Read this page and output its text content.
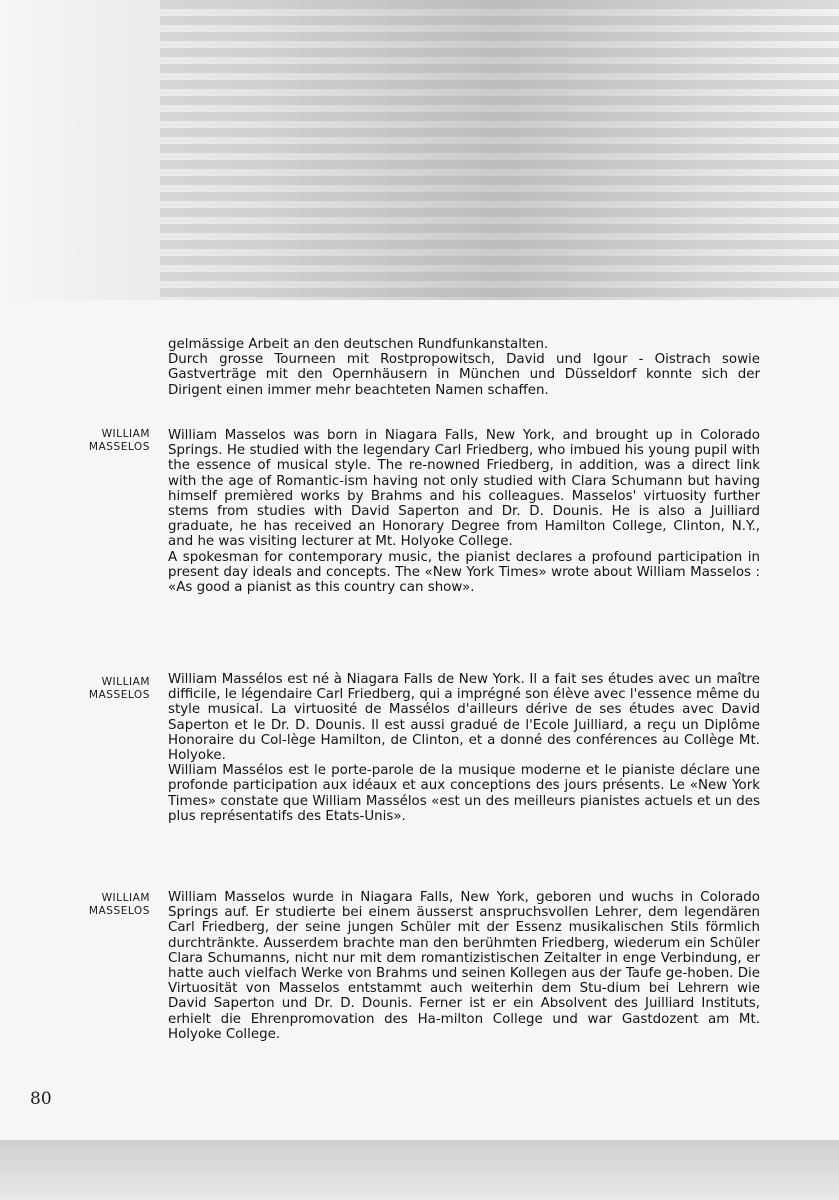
gelmässige Arbeit an den deutschen Rundfunkanstalten.
Durch grosse Tourneen mit Rostpropowitsch, David und Igour - Oistrach sowie Gastverträge mit den Opernhäusern in München und Düsseldorf konnte sich der Dirigent einen immer mehr beachteten Namen schaffen.
WILLIAM
MASSELOS
William Masselos was born in Niagara Falls, New York, and brought up in Colorado Springs. He studied with the legendary Carl Friedberg, who imbued his young pupil with the essence of musical style. The re-nowned Friedberg, in addition, was a direct link with the age of Romantic-ism having not only studied with Clara Schumann but having himself premièred works by Brahms and his colleagues. Masselos' virtuosity further stems from studies with David Saperton and Dr. D. Dounis. He is also a Juilliard graduate, he has received an Honorary Degree from Hamilton College, Clinton, N.Y., and he was visiting lecturer at Mt. Holyoke College.
A spokesman for contemporary music, the pianist declares a profound participation in present day ideals and concepts. The «New York Times» wrote about William Masselos : «As good a pianist as this country can show».
WILLIAM
MASSELOS
William Massélos est né à Niagara Falls de New York. Il a fait ses études avec un maître difficile, le légendaire Carl Friedberg, qui a imprégné son élève avec l'essence même du style musical. La virtuosité de Massélos d'ailleurs dérive de ses études avec David Saperton et le Dr. D. Dounis. Il est aussi gradué de l'Ecole Juilliard, a reçu un Diplôme Honoraire du Col-lège Hamilton, de Clinton, et a donné des conférences au Collège Mt. Holyoke.
William Massélos est le porte-parole de la musique moderne et le pianiste déclare une profonde participation aux idéaux et aux conceptions des jours présents. Le «New York Times» constate que William Massélos «est un des meilleurs pianistes actuels et un des plus représentatifs des Etats-Unis».
WILLIAM
MASSELOS
William Masselos wurde in Niagara Falls, New York, geboren und wuchs in Colorado Springs auf. Er studierte bei einem äusserst anspruchsvollen Lehrer, dem legendären Carl Friedberg, der seine jungen Schüler mit der Essenz musikalischen Stils förmlich durchtränkte. Ausserdem brachte man den berühmten Friedberg, wiederum ein Schüler Clara Schumanns, nicht nur mit dem romantizistischen Zeitalter in enge Verbindung, er hatte auch vielfach Werke von Brahms und seinen Kollegen aus der Taufe ge-hoben. Die Virtuosität von Masselos entstammt auch weiterhin dem Stu-dium bei Lehrern wie David Saperton und Dr. D. Dounis. Ferner ist er ein Absolvent des Juilliard Instituts, erhielt die Ehrenpromovation des Ha-milton College und war Gastdozent am Mt. Holyoke College.
80
